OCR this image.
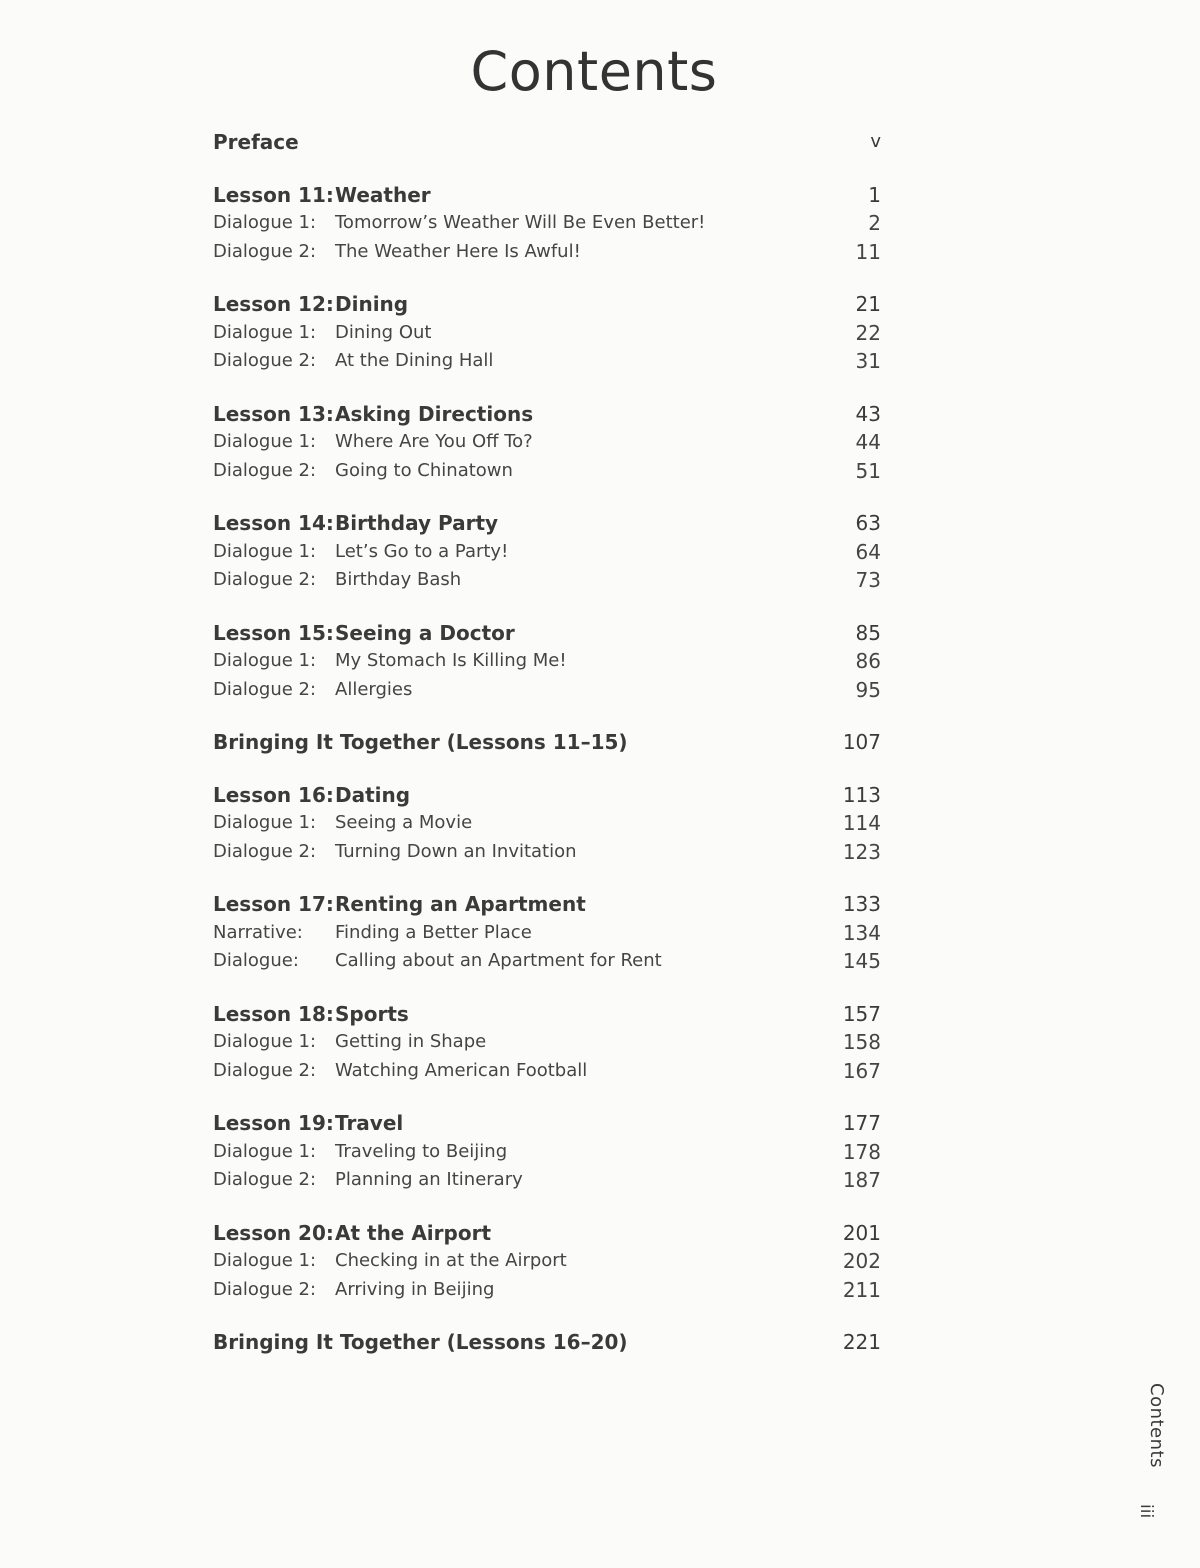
Contents
Preface	v
Lesson 11: Weather	1
Dialogue 1: Tomorrow’s Weather Will Be Even Better!	2
Dialogue 2: The Weather Here Is Awful!	11
Lesson 12: Dining	21
Dialogue 1: Dining Out	22
Dialogue 2: At the Dining Hall	31
Lesson 13: Asking Directions	43
Dialogue 1: Where Are You Off To?	44
Dialogue 2: Going to Chinatown	51
Lesson 14: Birthday Party	63
Dialogue 1: Let’s Go to a Party!	64
Dialogue 2: Birthday Bash	73
Lesson 15: Seeing a Doctor	85
Dialogue 1: My Stomach Is Killing Me!	86
Dialogue 2: Allergies	95
Bringing It Together (Lessons 11–15)	107
Lesson 16: Dating	113
Dialogue 1: Seeing a Movie	114
Dialogue 2: Turning Down an Invitation	123
Lesson 17: Renting an Apartment	133
Narrative: Finding a Better Place	134
Dialogue: Calling about an Apartment for Rent	145
Lesson 18: Sports	157
Dialogue 1: Getting in Shape	158
Dialogue 2: Watching American Football	167
Lesson 19: Travel	177
Dialogue 1: Traveling to Beijing	178
Dialogue 2: Planning an Itinerary	187
Lesson 20: At the Airport	201
Dialogue 1: Checking in at the Airport	202
Dialogue 2: Arriving in Beijing	211
Bringing It Together (Lessons 16–20)	221
Contents
iii
